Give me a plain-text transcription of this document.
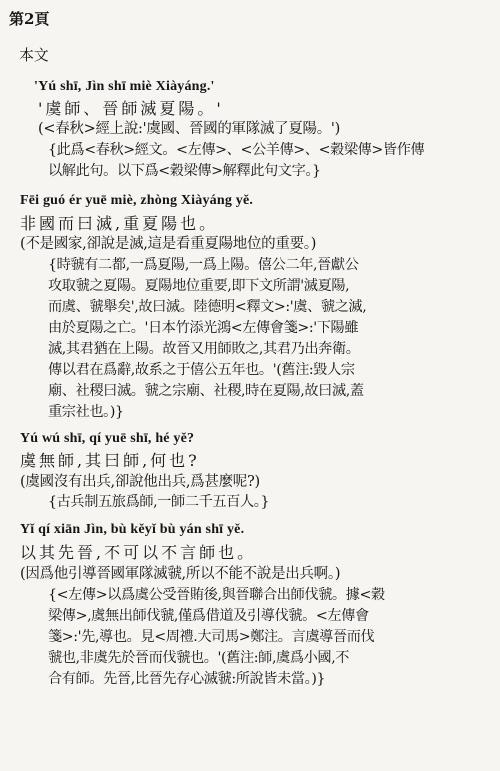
第2頁
本文
'Yú shī, Jìn shī miè Xiàyáng.'
'虞師、晉師滅夏陽。'
(<春秋>經上說:'虞國、晉國的軍隊滅了夏陽。')
{此爲<春秋>經文。<左傳>、<公羊傳>、<穀梁傳>皆作傳
以解此句。以下爲<穀梁傳>解釋此句文字。}
Fēi guó ér yuē miè, zhòng Xiàyáng yě.
非國而曰滅,重夏陽也。
(不是國家,卻說是滅,這是看重夏陽地位的重要。)
{時虢有二都,一爲夏陽,一爲上陽。僖公二年,晉獻公
攻取虢之夏陽。夏陽地位重要,即下文所謂'滅夏陽,
而虞、虢舉矣',故曰滅。陸德明<釋文>:'虞、虢之滅,
由於夏陽之亡。'日本竹添光鴻<左傳會箋>:'下陽雖
滅,其君猶在上陽。故晉又用師敗之,其君乃出奔衛。
傳以君在爲辭,故系之于僖公五年也。'(舊注:毀人宗
廟、社稷曰滅。虢之宗廟、社稷,時在夏陽,故曰滅,蓋
重宗社也。)}
Yú wú shī, qí yuē shī, hé yě?
虞無師,其曰師,何也?
(虞國沒有出兵,卻說他出兵,爲甚麼呢?)
{古兵制五旅爲師,一師二千五百人。}
Yǐ qí xiān Jìn, bù kěyǐ bù yán shī yě.
以其先晉,不可以不言師也。
(因爲他引導晉國軍隊滅虢,所以不能不說是出兵啊。)
{<左傳>以爲虞公受晉賄後,與晉聯合出師伐虢。據<穀
梁傳>,虞無出師伐虢,僅爲借道及引導伐虢。<左傳會
箋>:'先,導也。見<周禮.大司馬>鄭注。言虞導晉而伐
虢也,非虞先於晉而伐虢也。'(舊注:師,虞爲小國,不
合有師。先晉,比晉先存心滅虢:所說皆未當。)}
